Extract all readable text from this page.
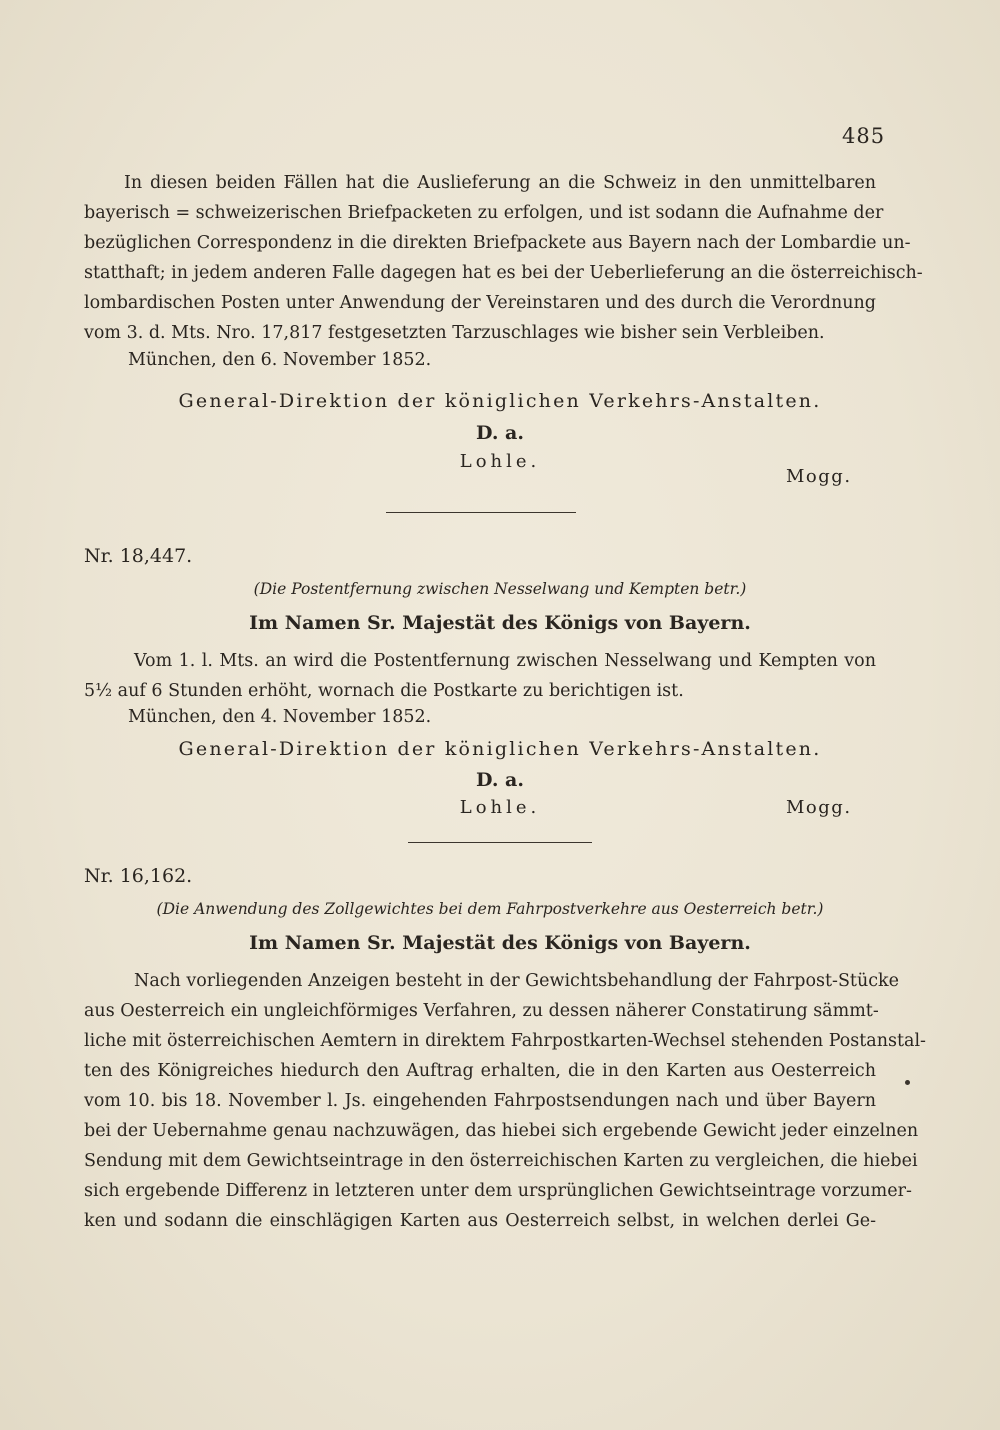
485
In diesen beiden Fällen hat die Auslieferung an die Schweiz in den unmittelbaren
bayerisch = schweizerischen Briefpacketen zu erfolgen, und ist sodann die Aufnahme der
bezüglichen Correspondenz in die direkten Briefpackete aus Bayern nach der Lombardie un-
statthaft; in jedem anderen Falle dagegen hat es bei der Ueberlieferung an die österreichisch-
lombardischen Posten unter Anwendung der Vereinstaren und des durch die Verordnung
vom 3. d. Mts. Nro. 17,817 festgesetzten Tarzuschlages wie bisher sein Verbleiben.
München, den 6. November 1852.
General-Direktion der königlichen Verkehrs-Anstalten.
D. a.
Lohle.
Mogg.
Nr. 18,447.
(Die Postentfernung zwischen Nesselwang und Kempten betr.)
Im Namen Sr. Majestät des Königs von Bayern.
Vom 1. l. Mts. an wird die Postentfernung zwischen Nesselwang und Kempten von
5½ auf 6 Stunden erhöht, wornach die Postkarte zu berichtigen ist.
München, den 4. November 1852.
General-Direktion der königlichen Verkehrs-Anstalten.
D. a.
Lohle.	Mogg.
Nr. 16,162.
(Die Anwendung des Zollgewichtes bei dem Fahrpostverkehre aus Oesterreich betr.)
Im Namen Sr. Majestät des Königs von Bayern.
Nach vorliegenden Anzeigen besteht in der Gewichtsbehandlung der Fahrpost-Stücke
aus Oesterreich ein ungleichförmiges Verfahren, zu dessen näherer Constatirung sämmt-
liche mit österreichischen Aemtern in direktem Fahrpostkarten-Wechsel stehenden Postanstal-
ten des Königreiches hiedurch den Auftrag erhalten, die in den Karten aus Oesterreich
vom 10. bis 18. November l. Js. eingehenden Fahrpostsendungen nach und über Bayern
bei der Uebernahme genau nachzuwägen, das hiebei sich ergebende Gewicht jeder einzelnen
Sendung mit dem Gewichtseintrage in den österreichischen Karten zu vergleichen, die hiebei
sich ergebende Differenz in letzteren unter dem ursprünglichen Gewichtseintrage vorzumer-
ken und sodann die einschlägigen Karten aus Oesterreich selbst, in welchen derlei Ge-
